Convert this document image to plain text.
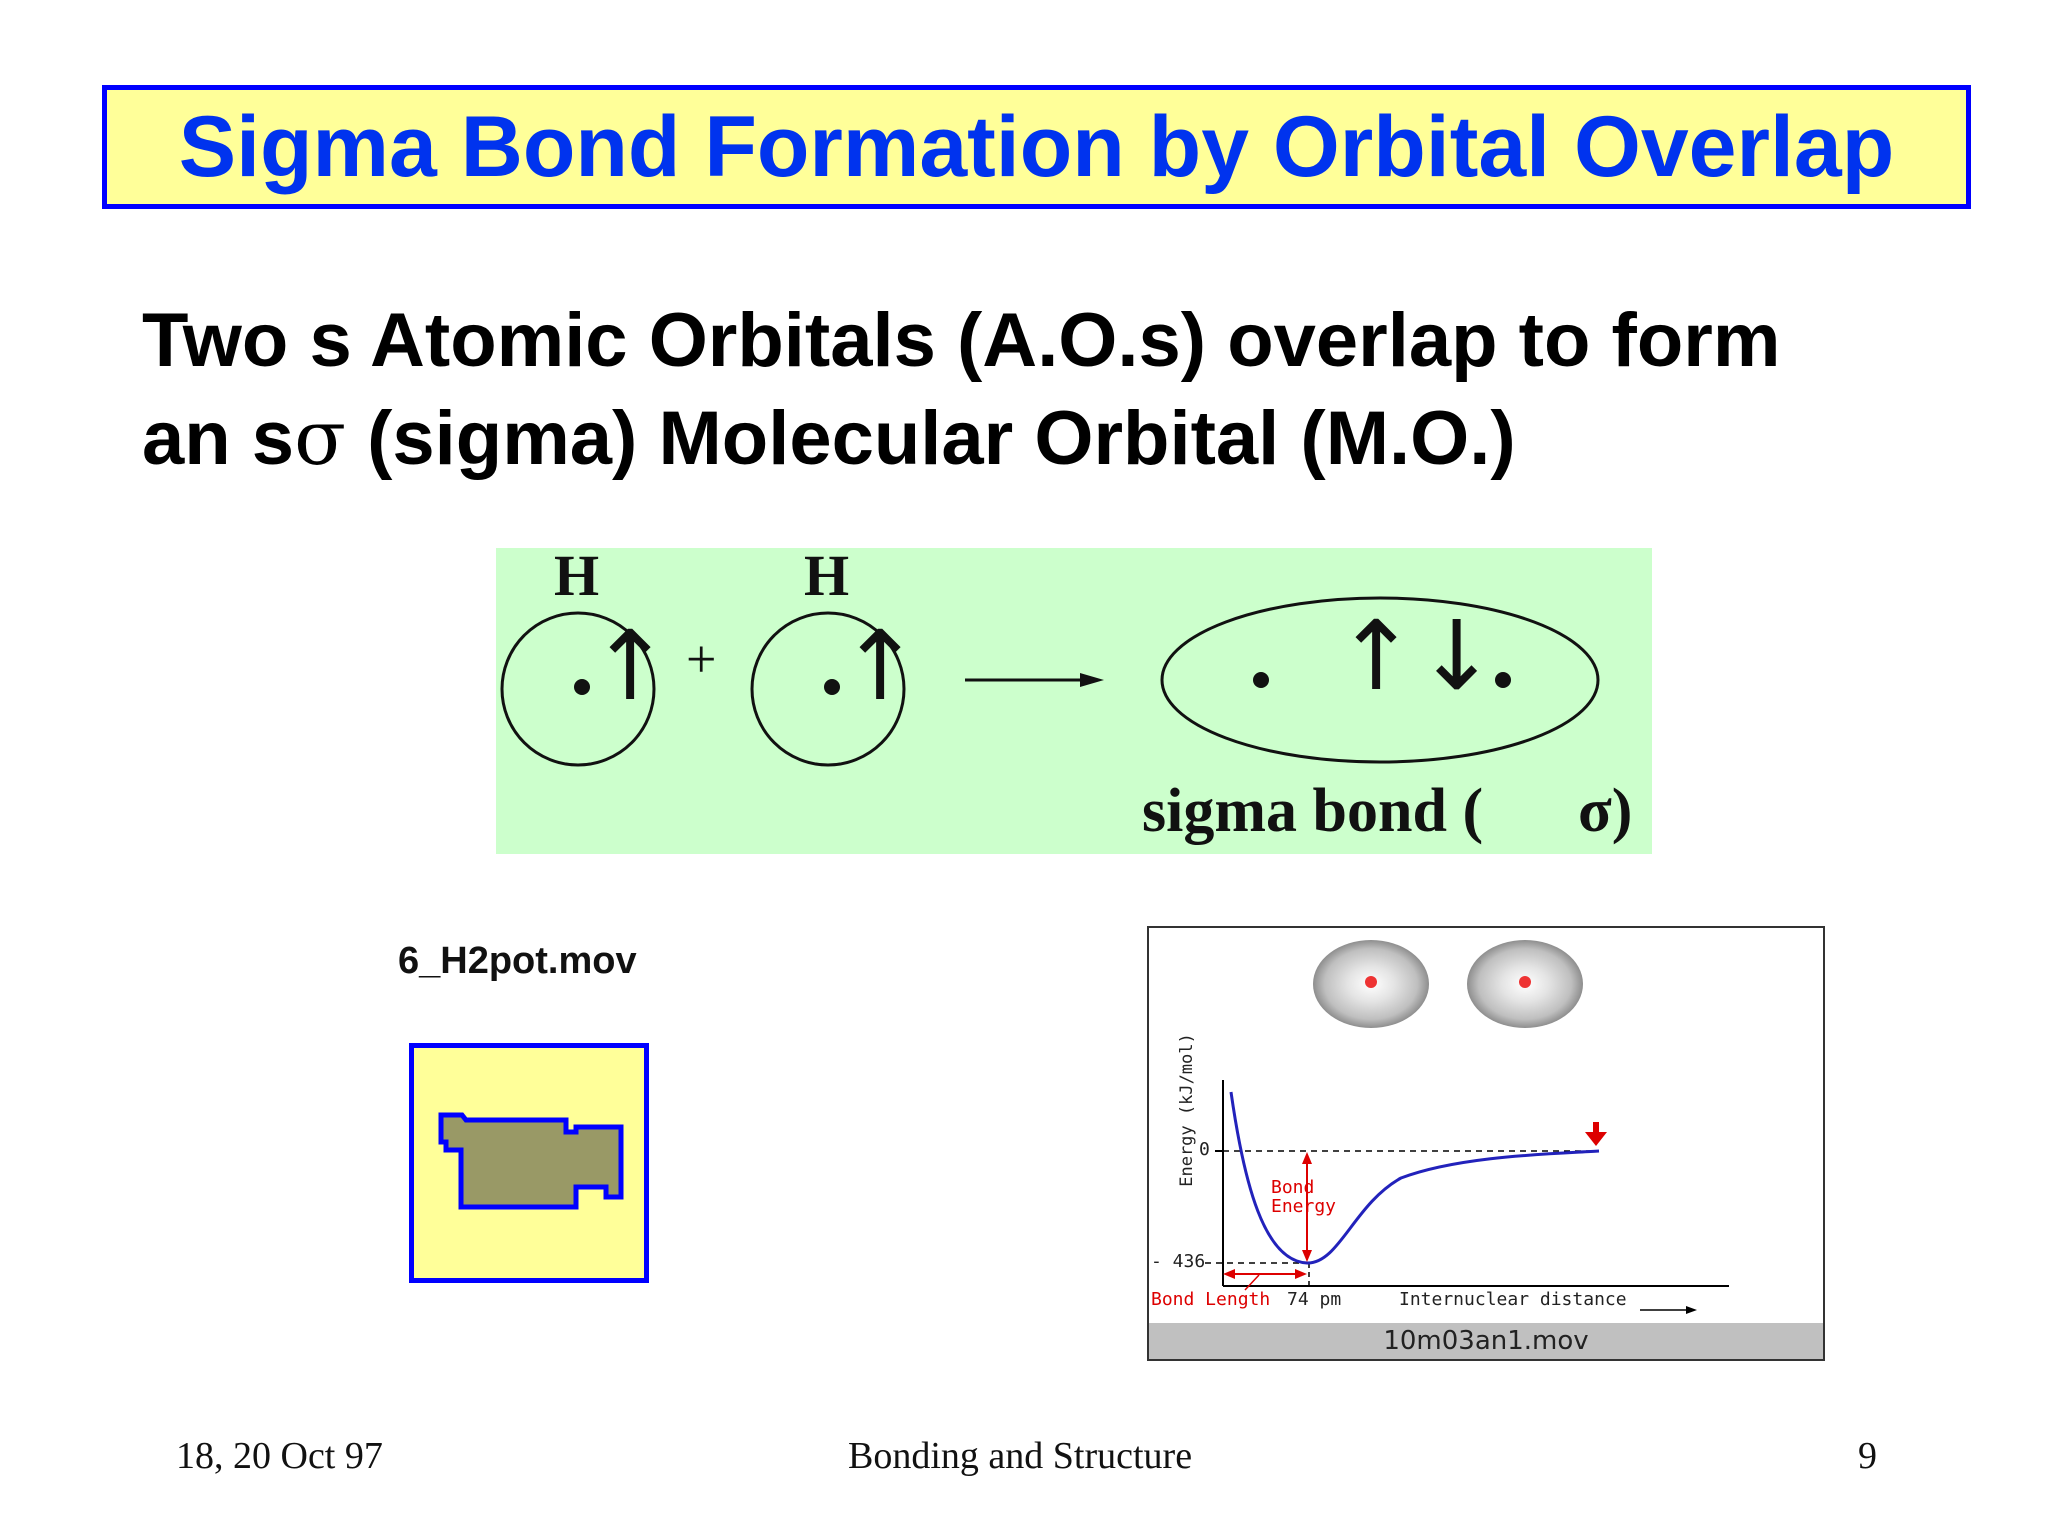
Sigma Bond Formation by Orbital Overlap
Two s Atomic Orbitals (A.O.s) overlap to form
an sσ (sigma) Molecular Orbital (M.O.)
H	H
↑ ↑
+	↑↓
sigma bond ( σ)
6_H2pot.mov
Energy (kJ/mol) 0
- 436
Bond
Energy
Bond Length 74 pm	Internuclear distance
10m03an1.mov
18, 20 Oct 97	Bonding and Structure	9
